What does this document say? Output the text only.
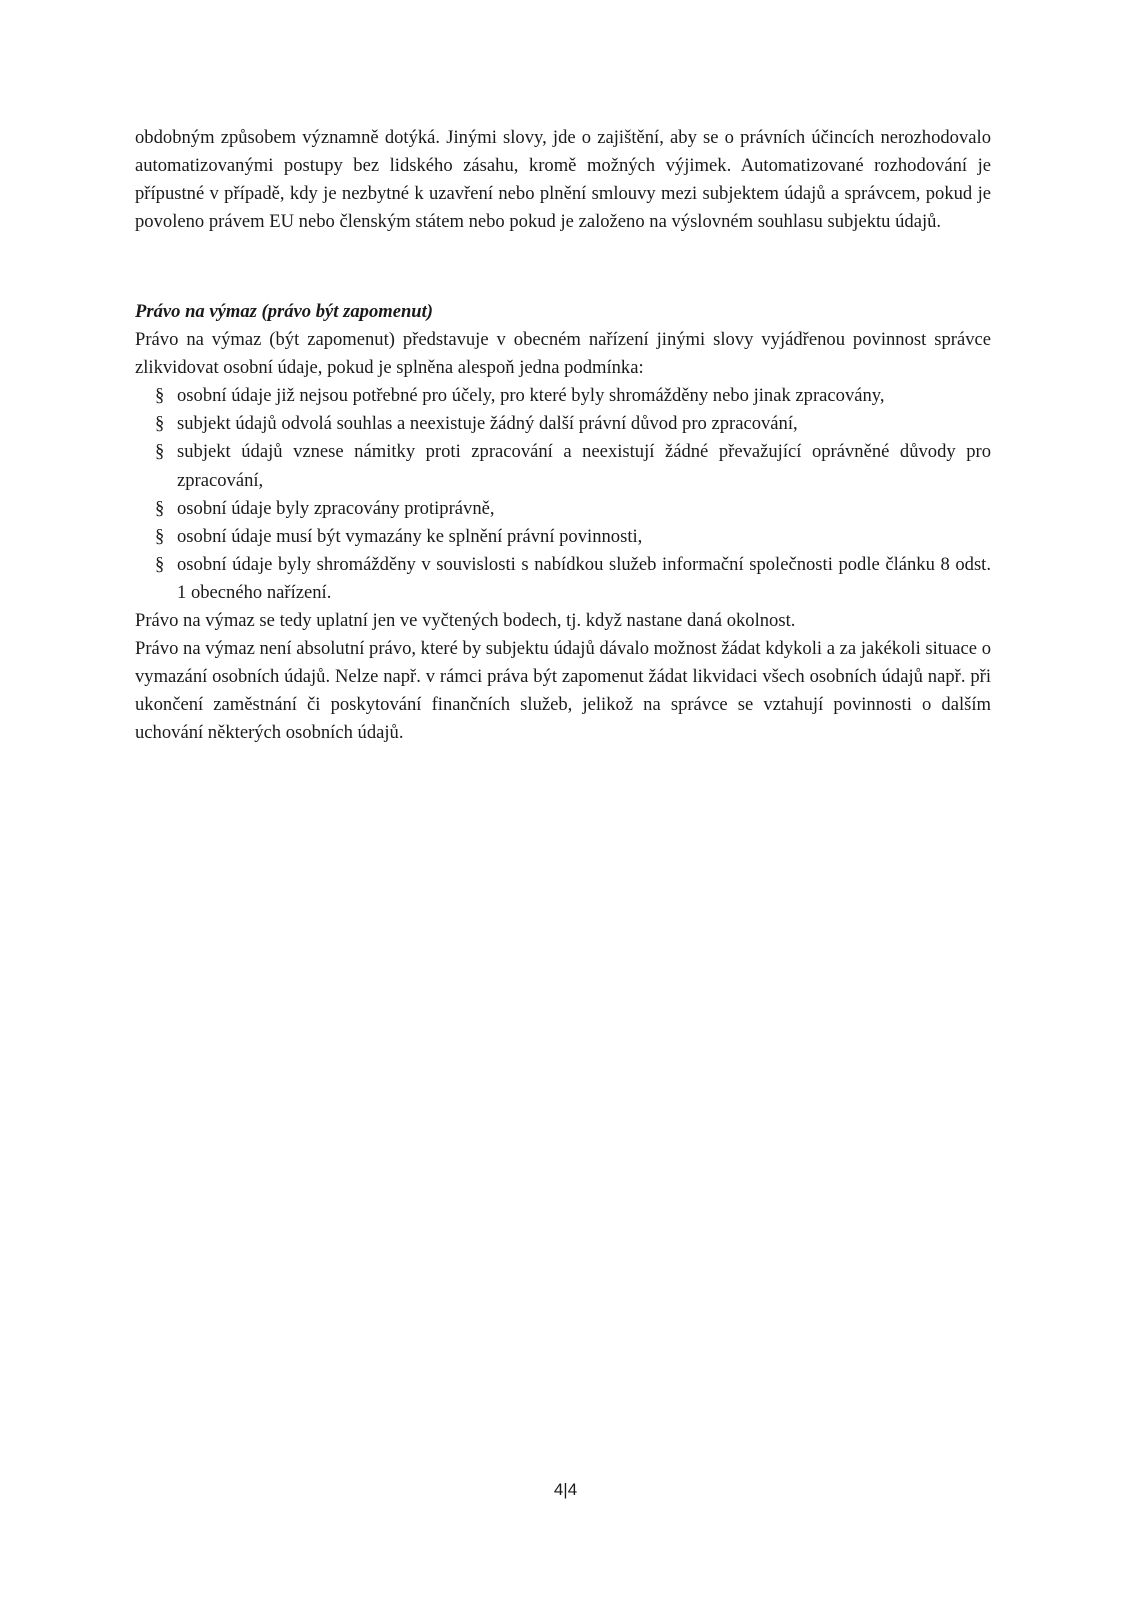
obdobným způsobem významně dotýká. Jinými slovy, jde o zajištění, aby se o právních účincích nerozhodovalo automatizovanými postupy bez lidského zásahu, kromě možných výjimek. Automatizované rozhodování je přípustné v případě, kdy je nezbytné k uzavření nebo plnění smlouvy mezi subjektem údajů a správcem, pokud je povoleno právem EU nebo členským státem nebo pokud je založeno na výslovném souhlasu subjektu údajů.

Právo na výmaz (právo být zapomenut)

Právo na výmaz (být zapomenut) představuje v obecném nařízení jinými slovy vyjádřenou povinnost správce zlikvidovat osobní údaje, pokud je splněna alespoň jedna podmínka:

§ osobní údaje již nejsou potřebné pro účely, pro které byly shromážděny nebo jinak zpracovány,
§ subjekt údajů odvolá souhlas a neexistuje žádný další právní důvod pro zpracování,
§ subjekt údajů vznese námitky proti zpracování a neexistují žádné převažující oprávněné důvody pro zpracování,
§ osobní údaje byly zpracovány protiprávně,
§ osobní údaje musí být vymazány ke splnění právní povinnosti,
§ osobní údaje byly shromážděny v souvislosti s nabídkou služeb informační společnosti podle článku 8 odst. 1 obecného nařízení.

Právo na výmaz se tedy uplatní jen ve vyčtených bodech, tj. když nastane daná okolnost.

Právo na výmaz není absolutní právo, které by subjektu údajů dávalo možnost žádat kdykoli a za jakékoli situace o vymazání osobních údajů. Nelze např. v rámci práva být zapomenut žádat likvidaci všech osobních údajů např. při ukončení zaměstnání či poskytování finančních služeb, jelikož na správce se vztahují povinnosti o dalším uchování některých osobních údajů.

4|4
